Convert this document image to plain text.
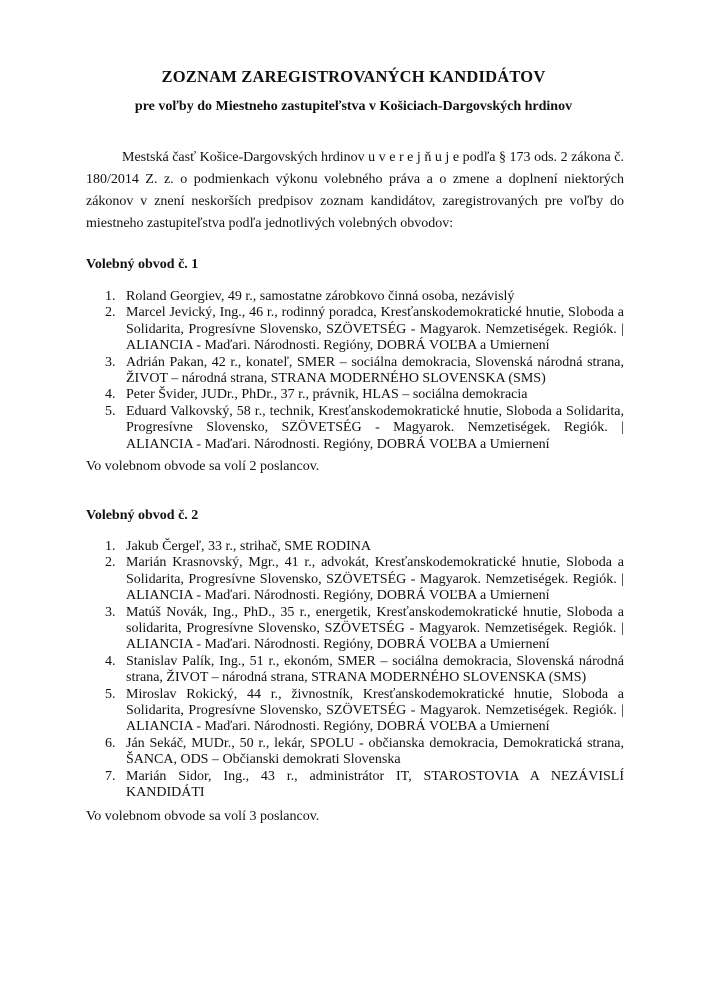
ZOZNAM ZAREGISTROVANÝCH KANDIDÁTOV
pre voľby do Miestneho zastupiteľstva v Košiciach-Dargovských hrdinov

Mestská časť Košice-Dargovských hrdinov u v e r e j ň u j e podľa § 173 ods. 2 zákona č. 180/2014 Z. z. o podmienkach výkonu volebného práva a o zmene a doplnení niektorých zákonov v znení neskorších predpisov zoznam kandidátov, zaregistrovaných pre voľby do miestneho zastupiteľstva podľa jednotlivých volebných obvodov:

Volebný obvod č. 1

1. Roland Georgiev, 49 r., samostatne zárobkovo činná osoba, nezávislý
2. Marcel Jevický, Ing., 46 r., rodinný poradca, Kresťanskodemokratické hnutie, Sloboda a Solidarita, Progresívne Slovensko, SZÖVETSÉG - Magyarok. Nemzetiségek. Regiók. | ALIANCIA - Maďari. Národnosti. Regióny, DOBRÁ VOĽBA a Umiernení
3. Adrián Pakan, 42 r., konateľ, SMER – sociálna demokracia, Slovenská národná strana, ŽIVOT – národná strana, STRANA MODERNÉHO SLOVENSKA (SMS)
4. Peter Švider, JUDr., PhDr., 37 r., právnik, HLAS – sociálna demokracia
5. Eduard Valkovský, 58 r., technik, Kresťanskodemokratické hnutie, Sloboda a Solidarita, Progresívne Slovensko, SZÖVETSÉG - Magyarok. Nemzetiségek. Regiók. | ALIANCIA - Maďari. Národnosti. Regióny, DOBRÁ VOĽBA a Umiernení

Vo volebnom obvode sa volí 2 poslancov.

Volebný obvod č. 2

1. Jakub Čergeľ, 33 r., strihač, SME RODINA
2. Marián Krasnovský, Mgr., 41 r., advokát, Kresťanskodemokratické hnutie, Sloboda a Solidarita, Progresívne Slovensko, SZÖVETSÉG - Magyarok. Nemzetiségek. Regiók. | ALIANCIA - Maďari. Národnosti. Regióny, DOBRÁ VOĽBA a Umiernení
3. Matúš Novák, Ing., PhD., 35 r., energetik, Kresťanskodemokratické hnutie, Sloboda a solidarita, Progresívne Slovensko, SZÖVETSÉG - Magyarok. Nemzetiségek. Regiók. | ALIANCIA - Maďari. Národnosti. Regióny, DOBRÁ VOĽBA a Umiernení
4. Stanislav Palík, Ing., 51 r., ekonóm, SMER – sociálna demokracia, Slovenská národná strana, ŽIVOT – národná strana, STRANA MODERNÉHO SLOVENSKA (SMS)
5. Miroslav Rokický, 44 r., živnostník, Kresťanskodemokratické hnutie, Sloboda a Solidarita, Progresívne Slovensko, SZÖVETSÉG - Magyarok. Nemzetiségek. Regiók. | ALIANCIA - Maďari. Národnosti. Regióny, DOBRÁ VOĽBA a Umiernení
6. Ján Sekáč, MUDr., 50 r., lekár, SPOLU - občianska demokracia, Demokratická strana, ŠANCA, ODS – Občianski demokrati Slovenska
7. Marián Sidor, Ing., 43 r., administrátor IT, STAROSTOVIA A NEZÁVISLÍ KANDIDÁTI

Vo volebnom obvode sa volí 3 poslancov.
